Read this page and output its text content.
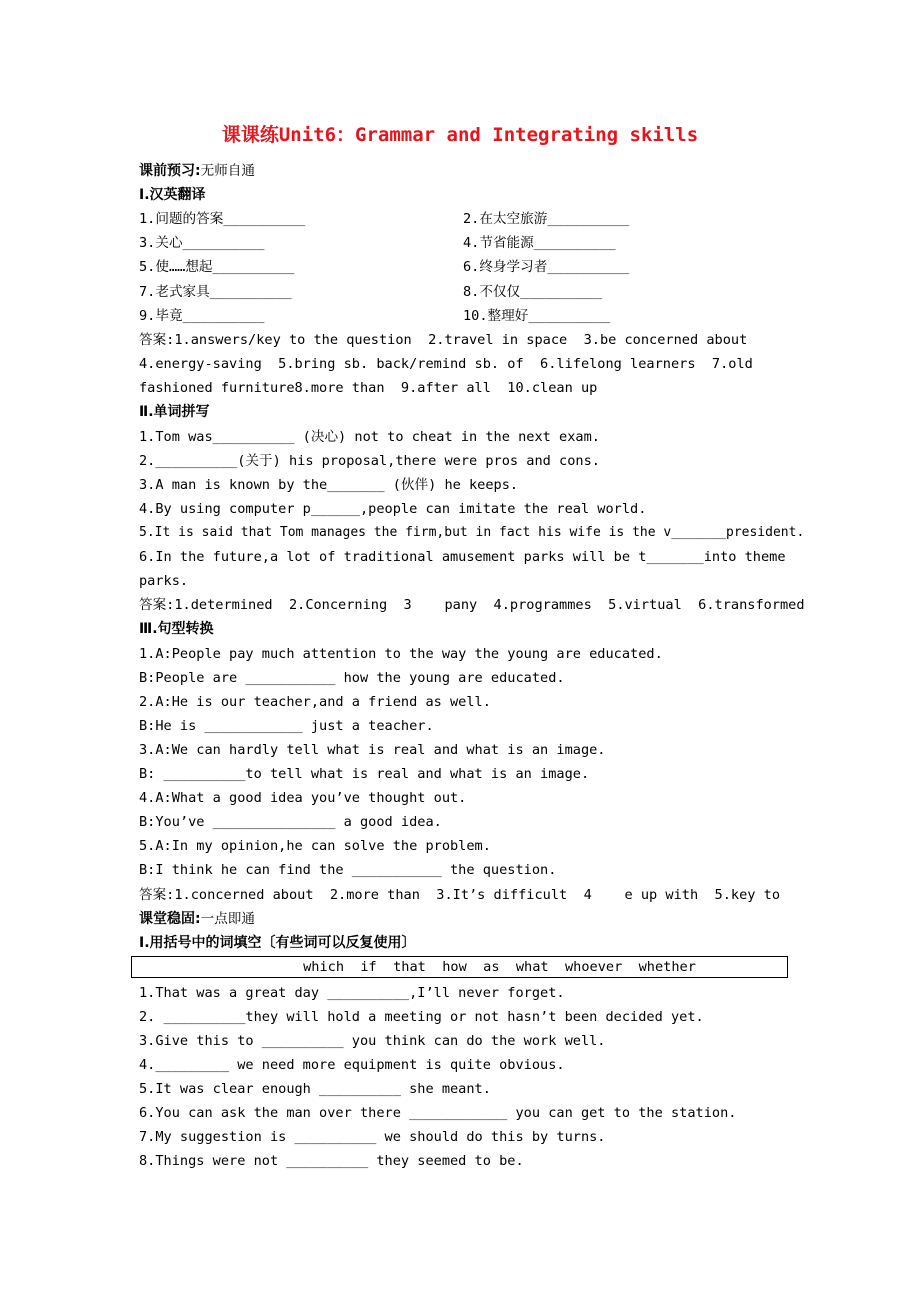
课课练Unit6：Grammar and Integrating skills
课前预习:无师自通
Ⅰ.汉英翻译
1.问题的答案__________	2.在太空旅游__________
3.关心__________	4.节省能源__________
5.使……想起__________	6.终身学习者__________
7.老式家具__________	8.不仅仅__________
9.毕竟__________	10.整理好__________
答案:1.answers/key to the question  2.travel in space  3.be concerned about
4.energy-saving  5.bring sb. back/remind sb. of  6.lifelong learners  7.old
fashioned furniture8.more than  9.after all  10.clean up
Ⅱ.单词拼写
1.Tom was__________ (决心) not to cheat in the next exam.
2.__________(关于) his proposal,there were pros and cons.
3.A man is known by the_______ (伙伴) he keeps.
4.By using computer p______,people can imitate the real world.
5.It is said that Tom manages the firm,but in fact his wife is the v_______president.
6.In the future,a lot of traditional amusement parks will be t_______into theme
parks.
答案:1.determined  2.Concerning  3    pany  4.programmes  5.virtual  6.transformed
Ⅲ.句型转换
1.A:People pay much attention to the way the young are educated.
B:People are ___________ how the young are educated.
2.A:He is our teacher,and a friend as well.
B:He is ____________ just a teacher.
3.A:We can hardly tell what is real and what is an image.
B: __________to tell what is real and what is an image.
4.A:What a good idea you’ve thought out.
B:You’ve _______________ a good idea.
5.A:In my opinion,he can solve the problem.
B:I think he can find the ___________ the question.
答案:1.concerned about  2.more than  3.It’s difficult  4    e up with  5.key to
课堂稳固:一点即通
Ⅰ.用括号中的词填空〔有些词可以反复使用〕
which  if  that  how  as  what  whoever  whether
1.That was a great day __________,I’ll never forget.
2. __________they will hold a meeting or not hasn’t been decided yet.
3.Give this to __________ you think can do the work well.
4._________ we need more equipment is quite obvious.
5.It was clear enough __________ she meant.
6.You can ask the man over there ____________ you can get to the station.
7.My suggestion is __________ we should do this by turns.
8.Things were not __________ they seemed to be.
